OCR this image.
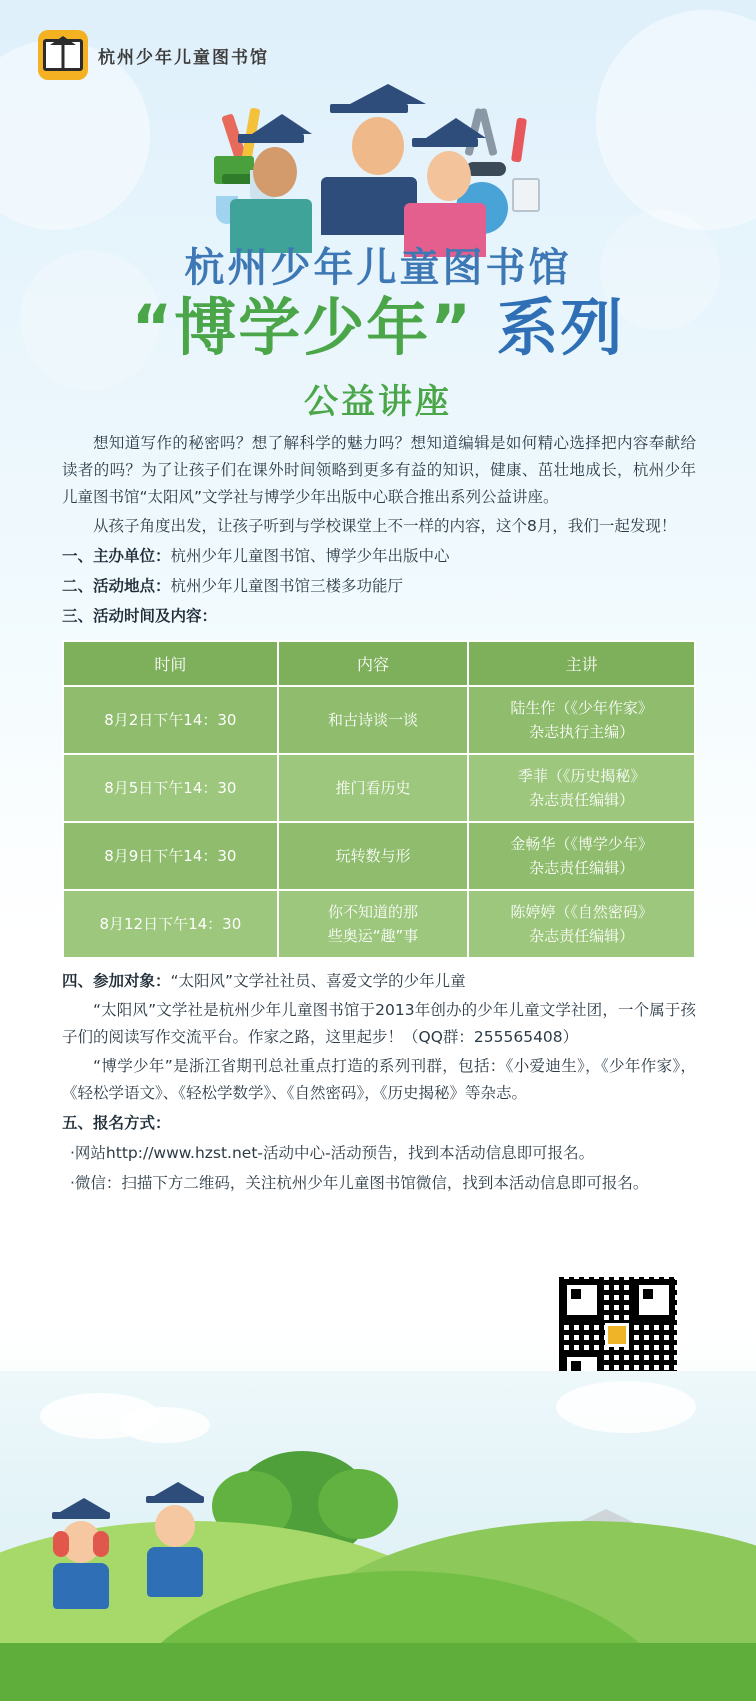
杭州少年儿童图书馆
杭州少年儿童图书馆
“博学少年” 系列
公益讲座

想知道写作的秘密吗？想了解科学的魅力吗？想知道编辑是如何精心选择把内容奉献给读者的吗？为了让孩子们在课外时间领略到更多有益的知识，健康、茁壮地成长，杭州少年儿童图书馆“太阳风”文学社与博学少年出版中心联合推出系列公益讲座。

从孩子角度出发，让孩子听到与学校课堂上不一样的内容，这个8月，我们一起发现！

一、主办单位：杭州少年儿童图书馆、博学少年出版中心
二、活动地点：杭州少年儿童图书馆三楼多功能厅
三、活动时间及内容：
时间	内容	主讲
8月2日下午14：30	和古诗谈一谈	陆生作（《少年作家》
杂志执行主编）

8月5日下午14：30	推门看历史	季菲（《历史揭秘》
杂志责任编辑）

8月9日下午14：30	玩转数与形	金畅华（《博学少年》
杂志责任编辑）

8月12日下午14：30	你不知道的那
些奥运“趣”事	陈婷婷（《自然密码》
杂志责任编辑）
四、参加对象：“太阳风”文学社社员、喜爱文学的少年儿童

“太阳风”文学社是杭州少年儿童图书馆于2013年创办的少年儿童文学社团，一个属于孩子们的阅读写作交流平台。作家之路，这里起步！（QQ群：255565408）

“博学少年”是浙江省期刊总社重点打造的系列刊群，包括：《小爱迪生》，《少年作家》，《轻松学语文》、《轻松学数学》、《自然密码》，《历史揭秘》等杂志。

五、报名方式：
·网站http://www.hzst.net-活动中心-活动预告，找到本活动信息即可报名。
·微信：扫描下方二维码，关注杭州少年儿童图书馆微信，找到本活动信息即可报名。
